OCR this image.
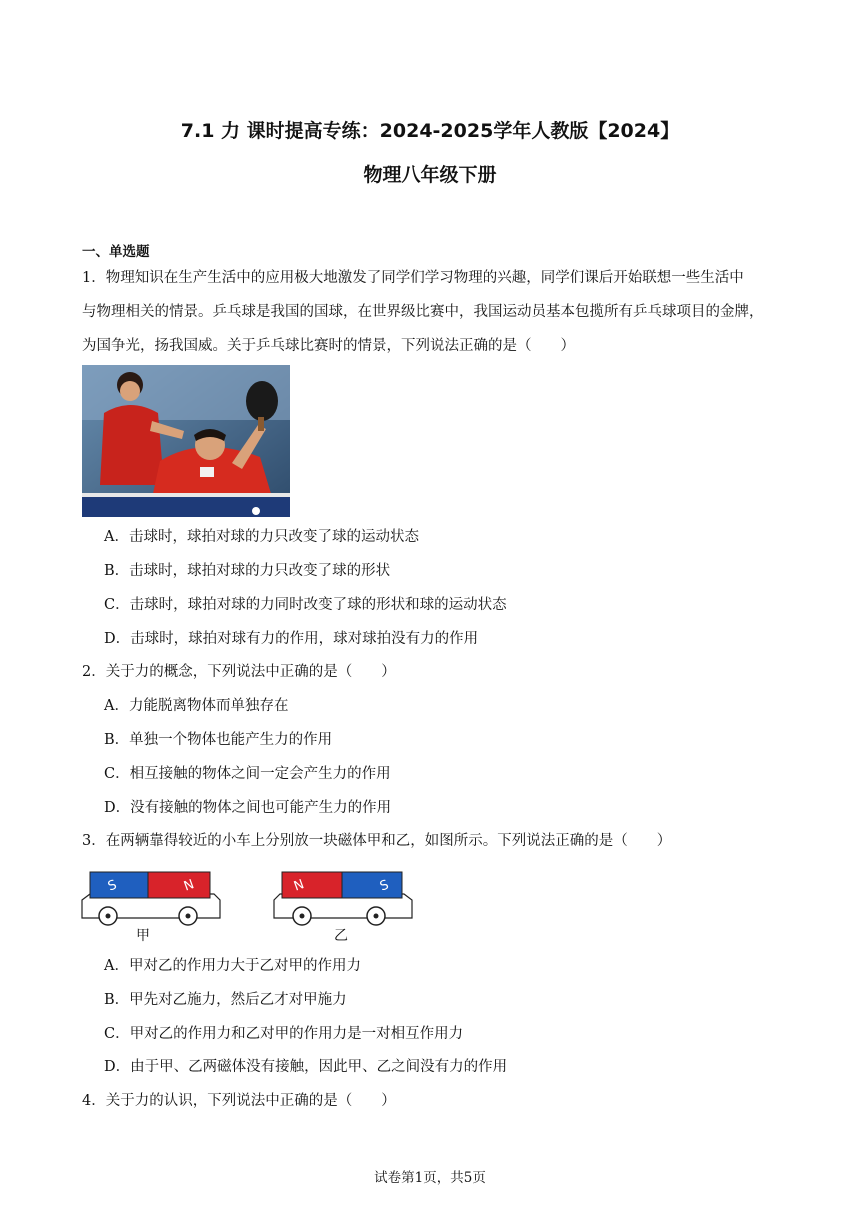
7.1 力 课时提高专练：2024-2025学年人教版【2024】
物理八年级下册
一、单选题
1．物理知识在生产生活中的应用极大地激发了同学们学习物理的兴趣，同学们课后开始联想一些生活中
与物理相关的情景。乒乓球是我国的国球，在世界级比赛中，我国运动员基本包揽所有乒乓球项目的金牌，
为国争光，扬我国威。关于乒乓球比赛时的情景，下列说法正确的是（　　）
A．击球时，球拍对球的力只改变了球的运动状态
B．击球时，球拍对球的力只改变了球的形状
C．击球时，球拍对球的力同时改变了球的形状和球的运动状态
D．击球时，球拍对球有力的作用，球对球拍没有力的作用
2．关于力的概念，下列说法中正确的是（　　）
A．力能脱离物体而单独存在
B．单独一个物体也能产生力的作用
C．相互接触的物体之间一定会产生力的作用
D．没有接触的物体之间也可能产生力的作用
3．在两辆靠得较近的小车上分别放一块磁体甲和乙，如图所示。下列说法正确的是（　　）
S	N
甲
N	S
乙
A．甲对乙的作用力大于乙对甲的作用力
B．甲先对乙施力，然后乙才对甲施力
C．甲对乙的作用力和乙对甲的作用力是一对相互作用力
D．由于甲、乙两磁体没有接触，因此甲、乙之间没有力的作用
4．关于力的认识，下列说法中正确的是（　　）
试卷第1页，共5页
